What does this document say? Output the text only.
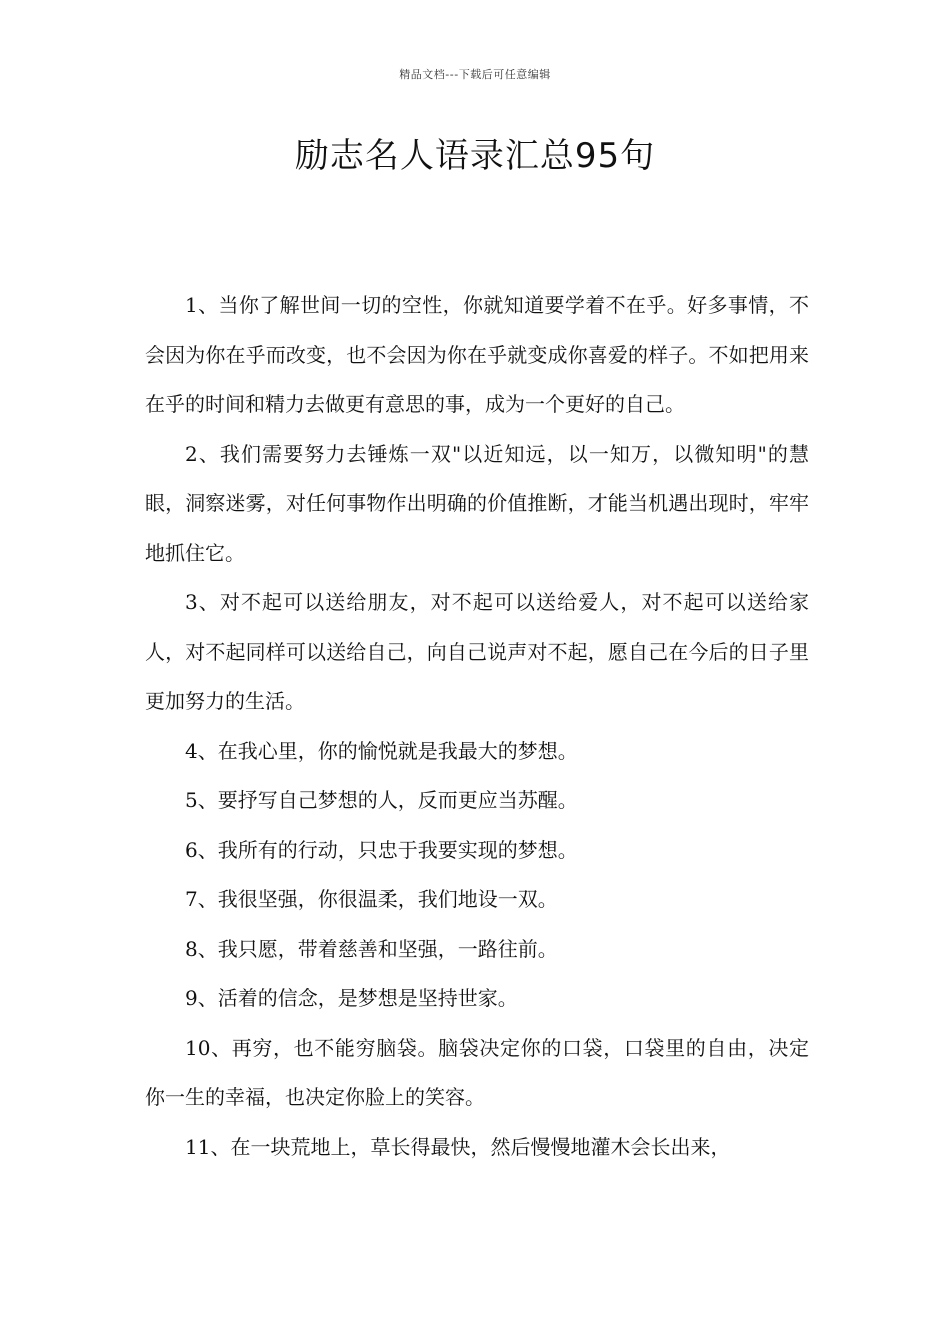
精品文档---下载后可任意编辑
励志名人语录汇总95句

1、当你了解世间一切的空性，你就知道要学着不在乎。好多事情，不会因为你在乎而改变，也不会因为你在乎就变成你喜爱的样子。不如把用来在乎的时间和精力去做更有意思的事，成为一个更好的自己。

2、我们需要努力去锤炼一双"以近知远，以一知万，以微知明"的慧眼，洞察迷雾，对任何事物作出明确的价值推断，才能当机遇出现时，牢牢地抓住它。

3、对不起可以送给朋友，对不起可以送给爱人，对不起可以送给家人，对不起同样可以送给自己，向自己说声对不起，愿自己在今后的日子里更加努力的生活。

4、在我心里，你的愉悦就是我最大的梦想。

5、要抒写自己梦想的人，反而更应当苏醒。

6、我所有的行动，只忠于我要实现的梦想。

7、我很坚强，你很温柔，我们地设一双。

8、我只愿，带着慈善和坚强，一路往前。

9、活着的信念，是梦想是坚持世家。

10、再穷，也不能穷脑袋。脑袋决定你的口袋，口袋里的自由，决定你一生的幸福，也决定你脸上的笑容。

11、在一块荒地上，草长得最快，然后慢慢地灌木会长出来，
